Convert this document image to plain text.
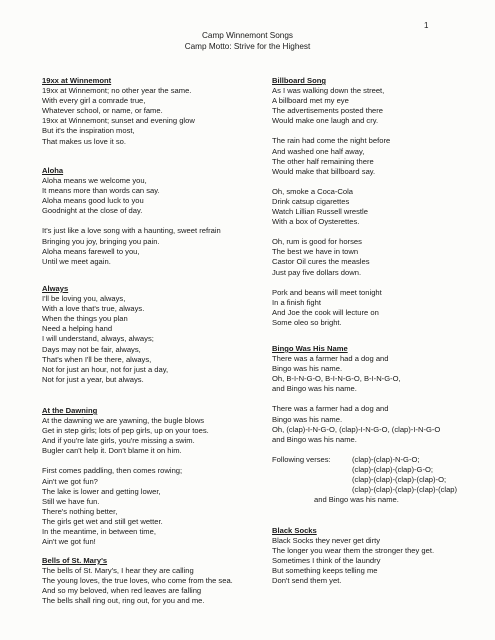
1
Camp Winnemont Songs
Camp Motto: Strive for the Highest
19xx at Winnemont
19xx at Winnemont; no other year the same.
With every girl a comrade true,
Whatever school, or name, or fame.
19xx at Winnemont; sunset and evening glow
But it's the inspiration most,
That makes us love it so.
Aloha
Aloha means we welcome you,
It means more than words can say.
Aloha means good luck to you
Goodnight at the close of day.
It's just like a love song with a haunting, sweet refrain
Bringing you joy, bringing you pain.
Aloha means farewell to you,
Until we meet again.
Always
I'll be loving you, always,
With a love that's true, always.
When the things you plan
Need a helping hand
I will understand, always, always;
Days may not be fair, always,
That's when I'll be there, always,
Not for just an hour, not for just a day,
Not for just a year, but always.
At the Dawning
At the dawning we are yawning, the bugle blows
Get in step girls; lots of pep girls, up on your toes.
And if you're late girls, you're missing a swim.
Bugler can't help it. Don't blame it on him.
First comes paddling, then comes rowing;
Ain't we got fun?
The lake is lower and getting lower,
Still we have fun.
There's nothing better,
The girls get wet and still get wetter.
In the meantime, in between time,
Ain't we got fun!
Bells of St. Mary's
The bells of St. Mary's, I hear they are calling
The young loves, the true loves, who come from the sea.
And so my beloved, when red leaves are falling
The bells shall ring out, ring out, for you and me.
Billboard Song
As I was walking down the street,
A billboard met my eye
The advertisements posted there
Would make one laugh and cry.
The rain had come the night before
And washed one half away,
The other half remaining there
Would make that billboard say.
Oh, smoke a Coca-Cola
Drink catsup cigarettes
Watch Lillian Russell wrestle
With a box of Oysterettes.
Oh, rum is good for horses
The best we have in town
Castor Oil cures the measles
Just pay five dollars down.
Pork and beans will meet tonight
In a finish fight
And Joe the cook will lecture on
Some oleo so bright.
Bingo Was His Name
There was a farmer had a dog and
Bingo was his name.
Oh, B-I-N-G-O, B-I-N-G-O, B-I-N-G-O,
and Bingo was his name.
There was a farmer had a dog and
Bingo was his name.
Oh, (clap)-I-N-G-O, (clap)-I-N-G-O, (clap)-I-N-G-O
and Bingo was his name.
Following verses:	(clap)-(clap)-N-G-O;
(clap)-(clap)-(clap)-G-O;
(clap)-(clap)-(clap)-(clap)-O;
(clap)-(clap)-(clap)-(clap)-(clap)
and Bingo was his name.
Black Socks
Black Socks they never get dirty
The longer you wear them the stronger they get.
Sometimes I think of the laundry
But something keeps telling me
Don't send them yet.
